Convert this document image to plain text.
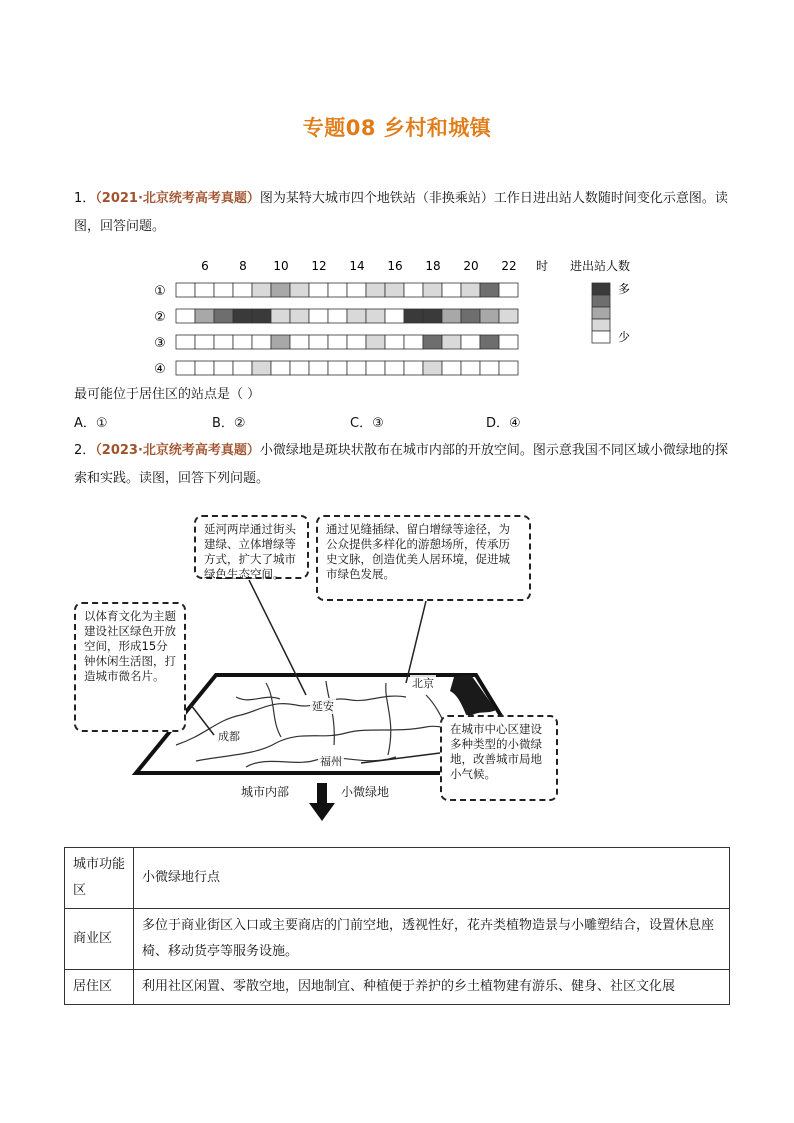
专题08 乡村和城镇
1．（2021·北京统考高考真题）图为某特大城市四个地铁站（非换乘站）工作日进出站人数随时间变化示意图。读图，回答问题。
6	8 10 12 14 16 18 20 22 时
①
②
③
④
进出站人数
多
少
最可能位于居住区的站点是（ ）
A．①	B．②	C．③	D．④
2．（2023·北京统考高考真题）小微绿地是斑块状散布在城市内部的开放空间。图示意我国不同区域小微绿地的探索和实践。读图，回答下列问题。
延河两岸通过街头建绿、立体增绿等方式，扩大了城市绿色生态空间。
通过见缝插绿、留白增绿等途径，为公众提供多样化的游憩场所，传承历史文脉，创造优美人居环境，促进城市绿色发展。
以体育文化为主题建设社区绿色开放空间，形成15分钟休闲生活图，打造城市微名片。
在城市中心区建设多种类型的小微绿地，改善城市局地小气候。
北京
延安
成都
福州
城市内部	小微绿地
城市功能区	小微绿地行点
商业区	多位于商业街区入口或主要商店的门前空地，透视性好，花卉类植物造景与小雕塑结合，设置休息座椅、移动货亭等服务设施。
居住区	利用社区闲置、零散空地，因地制宜、种植便于养护的乡土植物建有游乐、健身、社区文化展
